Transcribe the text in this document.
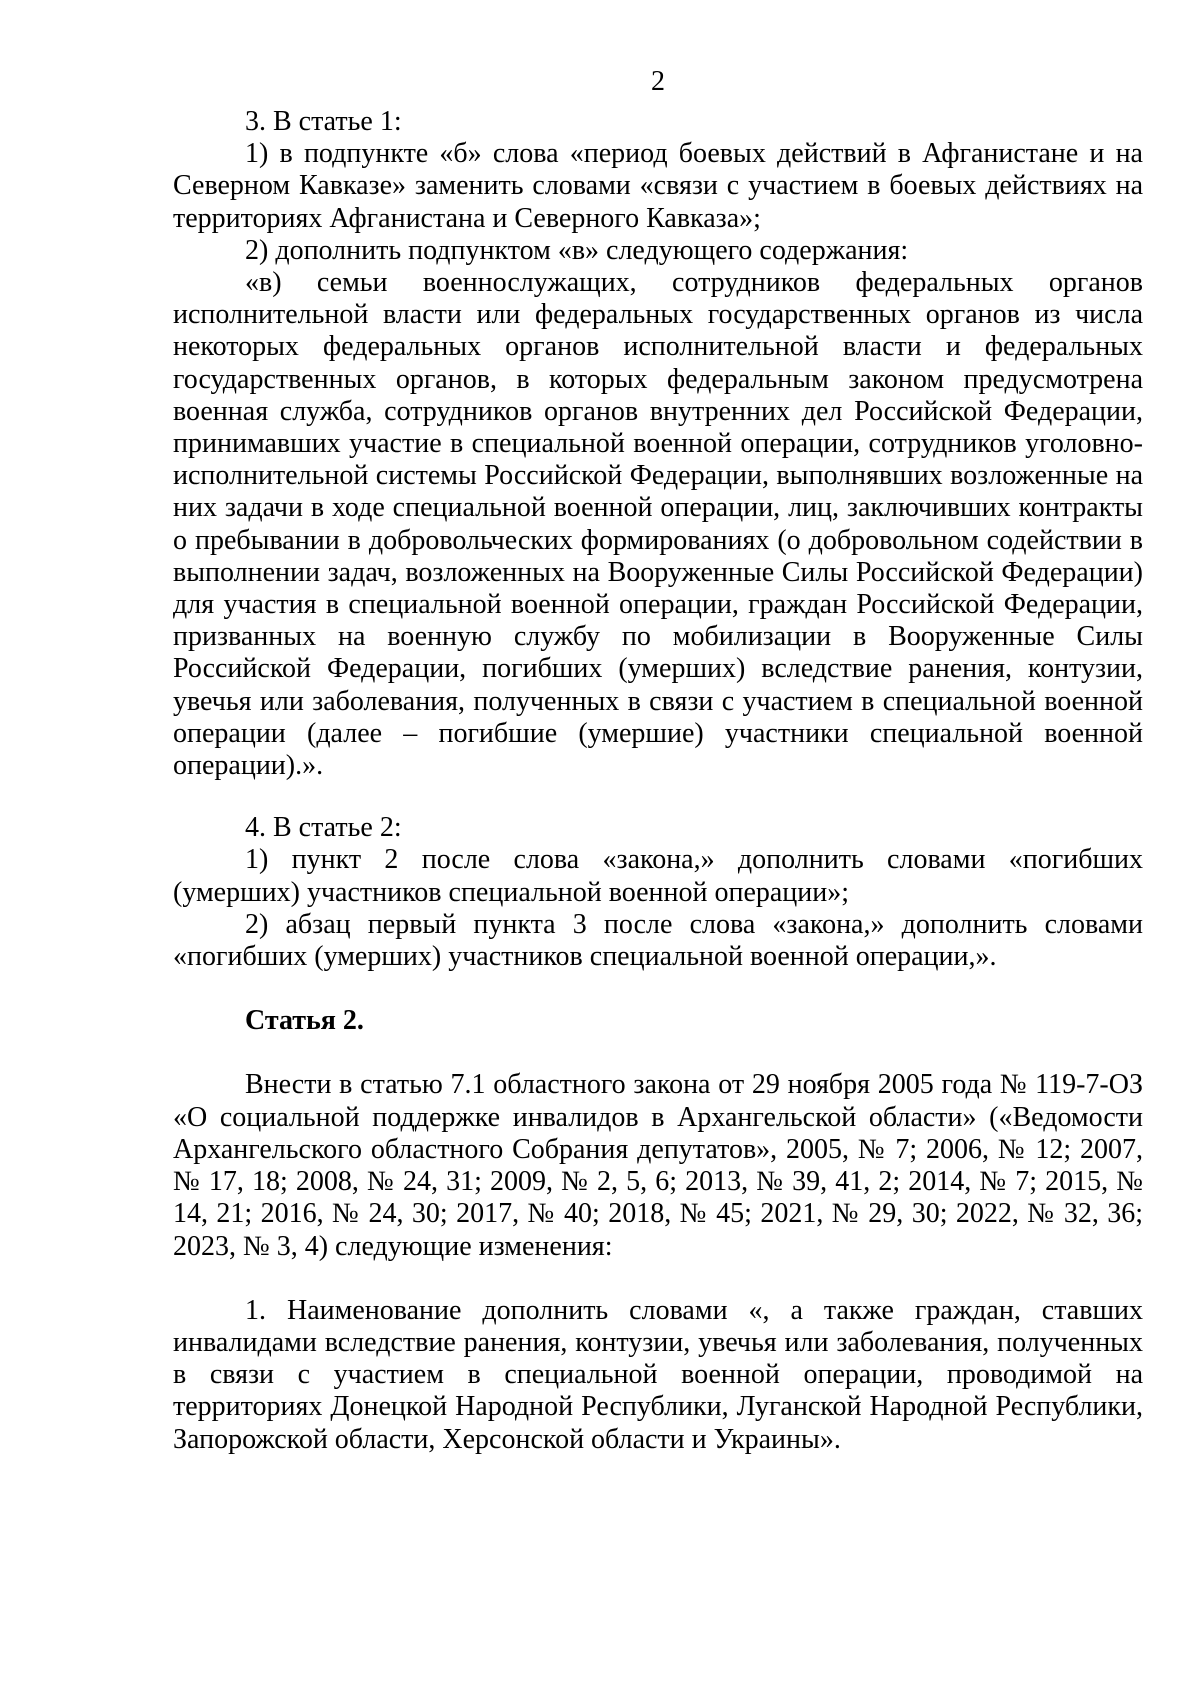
2

3. В статье 1:

1) в подпункте «б» слова «период боевых действий в Афганистане и на Северном Кавказе» заменить словами «связи с участием в боевых действиях на территориях Афганистана и Северного Кавказа»;

2) дополнить подпунктом «в» следующего содержания:

«в) семьи военнослужащих, сотрудников федеральных органов исполнительной власти или федеральных государственных органов из числа некоторых федеральных органов исполнительной власти и федеральных государственных органов, в которых федеральным законом предусмотрена военная служба, сотрудников органов внутренних дел Российской Федерации, принимавших участие в специальной военной операции, сотрудников уголовно-исполнительной системы Российской Федерации, выполнявших возложенные на них задачи в ходе специальной военной операции, лиц, заключивших контракты о пребывании в добровольческих формированиях (о добровольном содействии в выполнении задач, возложенных на Вооруженные Силы Российской Федерации) для участия в специальной военной операции, граждан Российской Федерации, призванных на военную службу по мобилизации в Вооруженные Силы Российской Федерации, погибших (умерших) вследствие ранения, контузии, увечья или заболевания, полученных в связи с участием в специальной военной операции (далее – погибшие (умершие) участники специальной военной операции).».

4. В статье 2:

1) пункт 2 после слова «закона,» дополнить словами «погибших (умерших) участников специальной военной операции»;

2) абзац первый пункта 3 после слова «закона,» дополнить словами «погибших (умерших) участников специальной военной операции,».

Статья 2.

Внести в статью 7.1 областного закона от 29 ноября 2005 года № 119-7-ОЗ «О социальной поддержке инвалидов в Архангельской области» («Ведомости Архангельского областного Собрания депутатов», 2005, № 7; 2006, № 12; 2007, № 17, 18; 2008, № 24, 31; 2009, № 2, 5, 6; 2013, № 39, 41, 2; 2014, № 7; 2015, № 14, 21; 2016, № 24, 30; 2017, № 40; 2018, № 45; 2021, № 29, 30; 2022, № 32, 36; 2023, № 3, 4) следующие изменения:

1. Наименование дополнить словами «, а также граждан, ставших инвалидами вследствие ранения, контузии, увечья или заболевания, полученных в связи с участием в специальной военной операции, проводимой на территориях Донецкой Народной Республики, Луганской Народной Республики, Запорожской области, Херсонской области и Украины».
